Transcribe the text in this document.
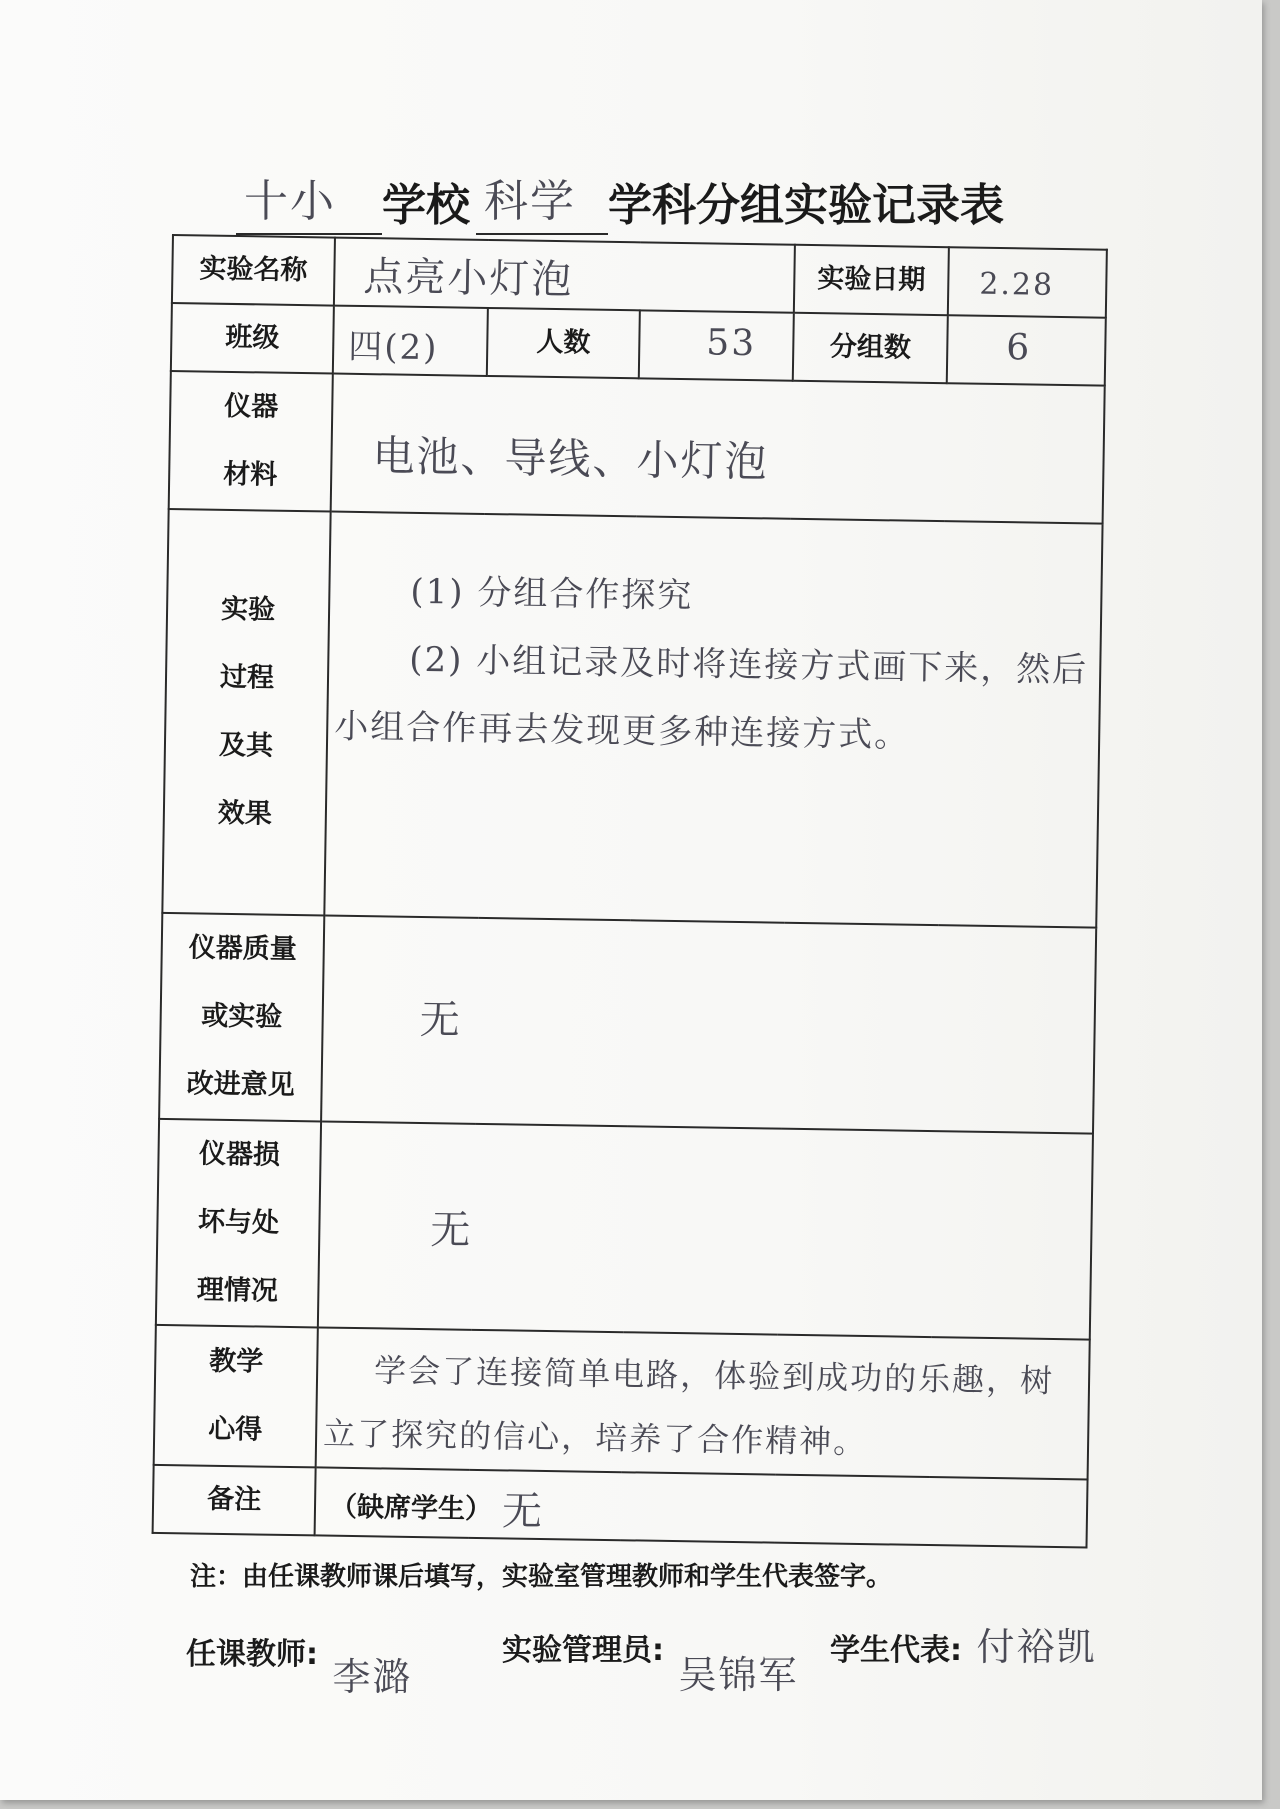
十小 学校 科学 学科分组实验记录表
实验名称	点亮小灯泡			实验日期	2.28

班级	四(2)	人数	53	分组数	6

仪器
材料	电池、导线、小灯泡				

实验
过程
及其
效果	(1) 分组合作探究
(2) 小组记录及时将连接方式画下来，然后
小组合作再去发现更多种连接方式。				

仪器质量
或实验
改进意见	无				

仪器损
坏与处
理情况	无				

教学
心得	学会了连接简单电路，体验到成功的乐趣，树
立了探究的信心，培养了合作精神。				

备注	（缺席学生） 无				
注：由任课教师课后填写，实验室管理教师和学生代表签字。
任课教师: 李潞
实验管理员: 吴锦军
学生代表: 付裕凯
